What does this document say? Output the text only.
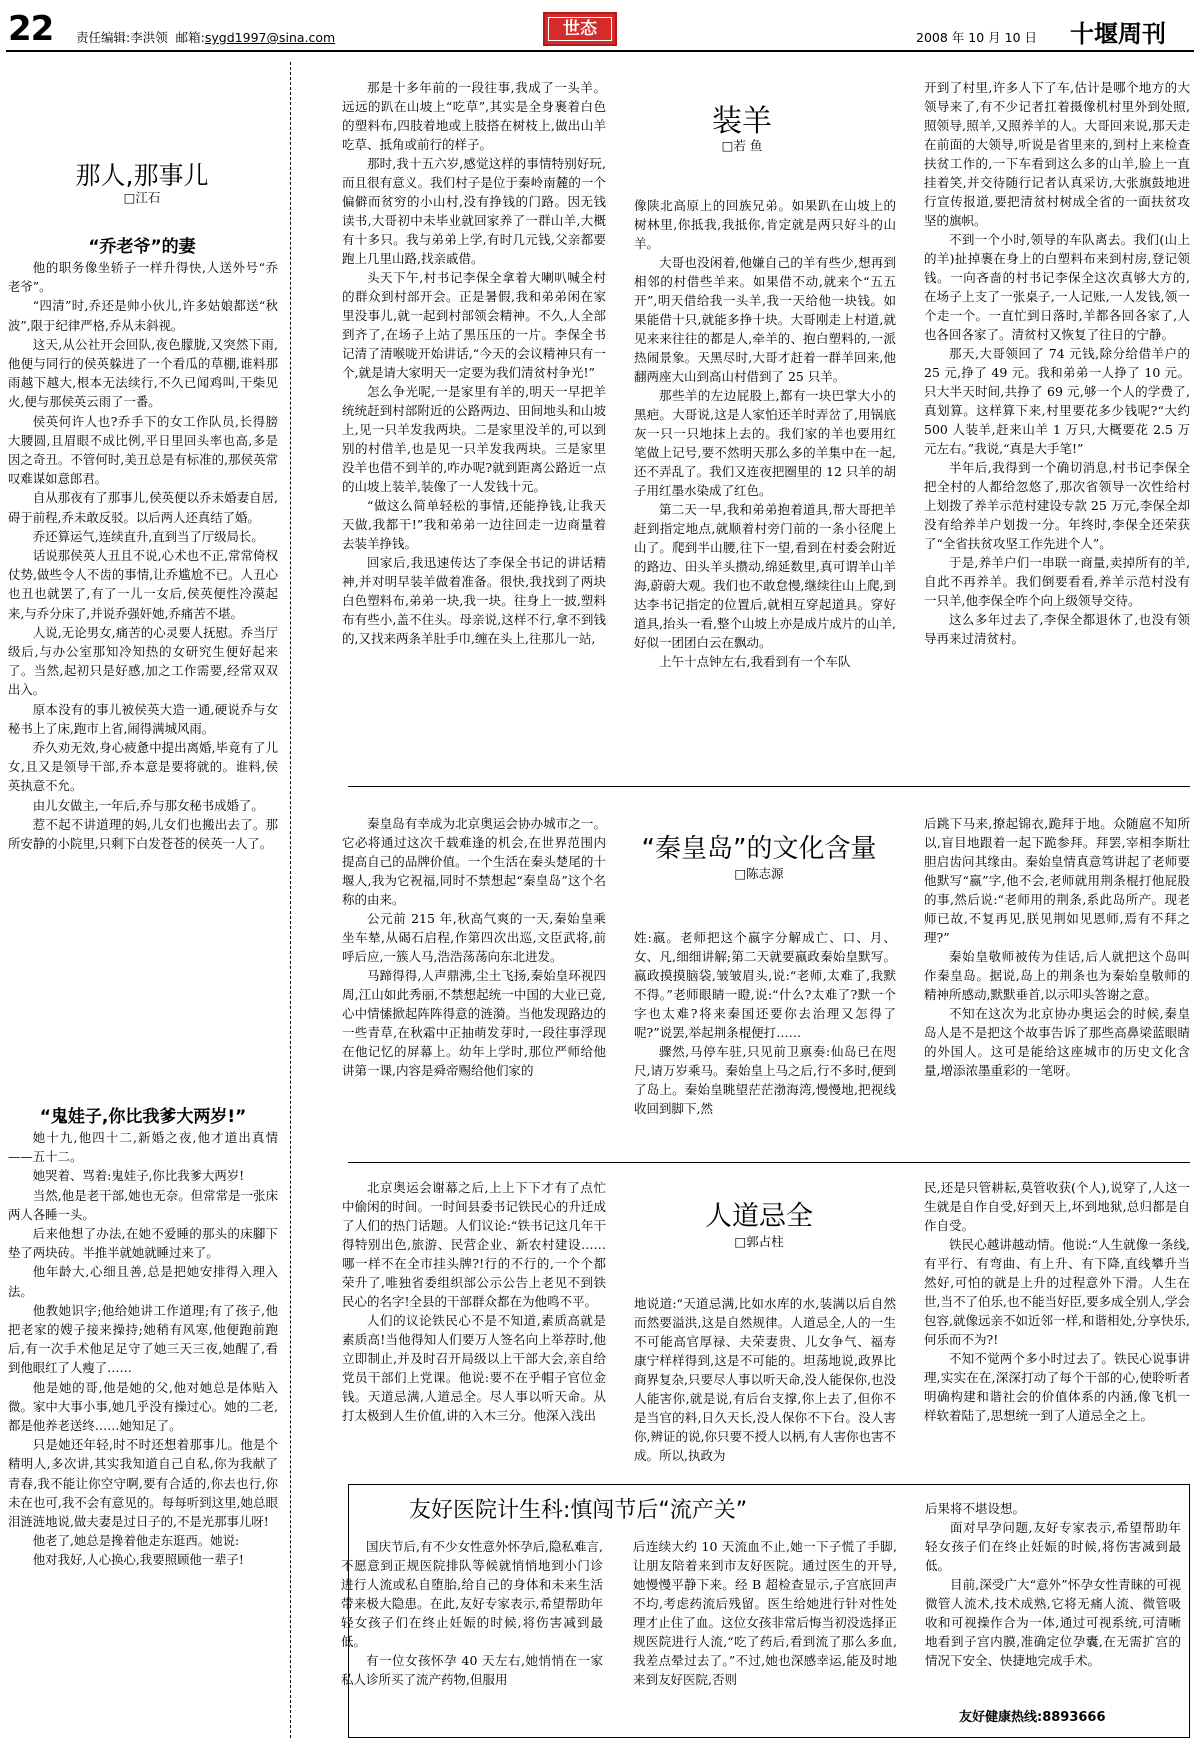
22 责任编辑:李洪领 邮箱:sygd1997@sina.com	世态	2008 年 10 月 10 日 十堰周刊
那人,那事儿
□江石
“乔老爷”的妻

他的职务像坐轿子一样升得快,人送外号“乔老爷”。

“四清”时,乔还是帅小伙儿,许多姑娘都送“秋波”,限于纪律严格,乔从未斜视。

这天,从公社开会回队,夜色朦胧,又突然下雨,他便与同行的侯英躲进了一个看瓜的草棚,谁料那雨越下越大,根本无法续行,不久已闻鸡叫,干柴见火,便与那侯英云雨了一番。

侯英何许人也?乔手下的女工作队员,长得膀大腰圆,且眉眼不成比例,平日里回头率也高,多是因之奇丑。不管何时,美丑总是有标准的,那侯英常叹难谋如意郎君。

自从那夜有了那事儿,侯英便以乔未婚妻自居,碍于前程,乔未敢反驳。以后两人还真结了婚。

乔还算运气,连续直升,直到当了厅级局长。

话说那侯英人丑且不说,心术也不正,常常倚权仗势,做些令人不齿的事情,让乔尴尬不已。人丑心也丑也就罢了,有了一儿一女后,侯英便性冷漠起来,与乔分床了,并说乔强奸她,乔痛苦不堪。

人说,无论男女,痛苦的心灵要人抚慰。乔当厅级后,与办公室那知冷知热的女研究生便好起来了。当然,起初只是好感,加之工作需要,经常双双出入。

原本没有的事儿被侯英大造一通,硬说乔与女秘书上了床,跑市上省,闹得满城风雨。

乔久劝无效,身心疲惫中提出离婚,毕竟有了儿女,且又是领导干部,乔本意是要将就的。谁料,侯英执意不允。

由儿女做主,一年后,乔与那女秘书成婚了。

惹不起不讲道理的妈,儿女们也搬出去了。那所安静的小院里,只剩下白发苍苍的侯英一人了。

“鬼娃子,你比我爹大两岁!”

她十九,他四十二,新婚之夜,他才道出真情——五十二。

她哭着、骂着:鬼娃子,你比我爹大两岁!

当然,他是老干部,她也无奈。但常常是一张床两人各睡一头。

后来他想了办法,在她不爱睡的那头的床腳下垫了两块砖。半推半就她就睡过来了。

他年龄大,心细且善,总是把她安排得入理入法。

他教她识字;他给她讲工作道理;有了孩子,他把老家的嫂子接来操持;她稍有风寒,他便跑前跑后,有一次手术他足足守了她三天三夜,她醒了,看到他眼红了人瘦了……

他是她的哥,他是她的父,他对她总是体贴入微。家中大事小事,她几乎没有操过心。她的二老,都是他养老送终……她知足了。

只是她还年轻,时不时还想着那事儿。他是个精明人,多次讲,其实我知道自己自私,你为我献了青春,我不能让你空守啊,要有合适的,你去也行,你未在也可,我不会有意见的。每每听到这里,她总眼泪涟涟地说,做夫妻是过日子的,不是光那事儿呀!

他老了,她总是搀着他走东逛西。她说:

他对我好,人心换心,我要照顾他一辈子!

那是十多年前的一段往事,我成了一头羊。远远的趴在山坡上“吃草”,其实是全身裹着白色的塑料布,四肢着地或上肢搭在树枝上,做出山羊吃草、抵角或前行的样子。

那时,我十五六岁,感觉这样的事情特别好玩,而且很有意义。我们村子是位于秦岭南麓的一个偏僻而贫穷的小山村,没有挣钱的门路。因无钱读书,大哥初中未毕业就回家养了一群山羊,大概有十多只。我与弟弟上学,有时几元钱,父亲都要跑上几里山路,找亲戚借。

头天下午,村书记李保全拿着大喇叭喊全村的群众到村部开会。正是暑假,我和弟弟闲在家里没事儿,就一起到村部领会精神。不久,人全部到齐了,在场子上站了黑压压的一片。李保全书记清了清喉咙开始讲话,“今天的会议精神只有一个,就是请大家明天一定要为我们清贫村争光!”

怎么争光呢,一是家里有羊的,明天一早把羊统统赶到村部附近的公路两边、田间地头和山坡上,见一只羊发我两块。二是家里没羊的,可以到别的村借羊,也是见一只羊发我两块。三是家里没羊也借不到羊的,咋办呢?就到距离公路近一点的山坡上装羊,装像了一人发钱十元。

“做这么简单轻松的事情,还能挣钱,让我天天做,我都干!”我和弟弟一边往回走一边商量着去装羊挣钱。

回家后,我迅速传达了李保全书记的讲话精神,并对明早装羊做着准备。很快,我找到了两块白色塑料布,弟弟一块,我一块。往身上一披,塑料布有些小,盖不住头。母亲说,这样不行,拿不到钱的,又找来两条羊肚手巾,缠在头上,往那儿一站,

装羊
□若 鱼

像陕北高原上的回族兄弟。如果趴在山坡上的树林里,你抵我,我抵你,肯定就是两只好斗的山羊。

大哥也没闲着,他嫌自己的羊有些少,想再到相邻的村借些羊来。如果借不动,就来个“五五开”,明天借给我一头羊,我一天给他一块钱。如果能借十只,就能多挣十块。大哥刚走上村道,就见来来往往的都是人,牵羊的、抱白塑料的,一派热闹景象。天黑尽时,大哥才赶着一群羊回来,他翻两座大山到高山村借到了 25 只羊。

那些羊的左边屁股上,都有一块巴掌大小的黑疤。大哥说,这是人家怕还羊时弄岔了,用锅底灰一只一只地抹上去的。我们家的羊也要用红笔做上记号,要不然明天那么多的羊集中在一起,还不弄乱了。我们又连夜把圈里的 12 只羊的胡子用红墨水染成了红色。

第二天一早,我和弟弟抱着道具,帮大哥把羊赶到指定地点,就顺着村旁门前的一条小径爬上山了。爬到半山腰,往下一望,看到在村委会附近的路边、田头羊头攒动,绵延数里,真可谓羊山羊海,蔚蔚大观。我们也不敢怠慢,继续往山上爬,到达李书记指定的位置后,就相互穿起道具。穿好道具,抬头一看,整个山坡上亦是成片成片的山羊,好似一团团白云在飘动。

上午十点钟左右,我看到有一个车队

开到了村里,许多人下了车,估计是哪个地方的大领导来了,有不少记者扛着摄像机村里外到处照,照领导,照羊,又照养羊的人。大哥回来说,那天走在前面的大领导,听说是省里来的,到村上来检查扶贫工作的,一下车看到这么多的山羊,脸上一直挂着笑,并交待随行记者认真采访,大张旗鼓地进行宣传报道,要把清贫村树成全省的一面扶贫攻坚的旗帜。

不到一个小时,领导的车队离去。我们(山上的羊)扯掉裹在身上的白塑料布来到村房,登记领钱。一向吝啬的村书记李保全这次真够大方的,在场子上支了一张桌子,一人记账,一人发钱,领一个走一个。一直忙到日落时,羊都各回各家了,人也各回各家了。清贫村又恢复了往日的宁静。

那天,大哥领回了 74 元钱,除分给借羊户的 25 元,挣了 49 元。我和弟弟一人挣了 10 元。只大半天时间,共挣了 69 元,够一个人的学费了,真划算。这样算下来,村里要花多少钱呢?“大约 500 人装羊,赶来山羊 1 万只,大概要花 2.5 万元左右。”我说,“真是大手笔!”

半年后,我得到一个确切消息,村书记李保全把全村的人都给忽悠了,那次省领导一次性给村上划拨了养羊示范村建设专款 25 万元,李保全却没有给养羊户划拨一分。年终时,李保全还荣获了“全省扶贫攻坚工作先进个人”。

于是,养羊户们一串联一商量,卖掉所有的羊,自此不再养羊。我们倒要看看,养羊示范村没有一只羊,他李保全咋个向上级领导交待。

这么多年过去了,李保全都退休了,也没有领导再来过清贫村。

秦皇岛有幸成为北京奥运会协办城市之一。它必将通过这次千载难逢的机会,在世界范围内提高自己的品牌价值。一个生活在秦头楚尾的十堰人,我为它祝福,同时不禁想起“秦皇岛”这个名称的由来。

公元前 215 年,秋高气爽的一天,秦始皇乘坐车辇,从碣石启程,作第四次出巡,文臣武将,前呼后应,一簇人马,浩浩荡荡向东北进发。

马蹄得得,人声鼎沸,尘土飞扬,秦始皇环视四周,江山如此秀丽,不禁想起统一中国的大业已竟,心中情愫掀起阵阵得意的涟漪。当他发现路边的一些青草,在秋霜中正抽萌发芽时,一段往事浮现在他记忆的屏幕上。幼年上学时,那位严师给他讲第一课,内容是舜帝赐给他们家的

“秦皇岛”的文化含量
□陈志源

姓:嬴。老师把这个嬴字分解成亡、口、月、女、凡,细细讲解;第二天就要嬴政秦始皇默写。嬴政摸摸脑袋,皱皱眉头,说:“老师,太难了,我默不得。”老师眼睛一瞪,说:“什么?太难了?默一个字也太难?将来秦国还要你去治理又怎得了呢?”说罢,举起荆条棍便打……

骤然,马停车驻,只见前卫禀奏:仙岛已在咫尺,请万岁乘马。秦始皇上马之后,行不多时,便到了岛上。秦始皇眺望茫茫渤海湾,慢慢地,把视线收回到脚下,然

后跳下马来,撩起锦衣,跪拜于地。众随扈不知所以,盲目地跟着一起下跪参拜。拜罢,宰相李斯壮胆启齿问其缘由。秦始皇情真意笃讲起了老师要他默写“嬴”字,他不会,老师就用荆条棍打他屁股的事,然后说:“老师用的荆条,系此岛所产。现老师已故,不复再见,朕见荆如见恩师,焉有不拜之理?”

秦始皇敬师被传为佳话,后人就把这个岛叫作秦皇岛。据说,岛上的荆条也为秦始皇敬师的精神所感动,默默垂首,以示叩头答谢之意。

不知在这次为北京协办奥运会的时候,秦皇岛人是不是把这个故事告诉了那些高鼻梁蓝眼睛的外国人。这可是能给这座城市的历史文化含量,增添浓墨重彩的一笔呀。

北京奥运会谢幕之后,上上下下才有了点忙中偷闲的时间。一时间县委书记铁民心的升迁成了人们的热门话题。人们议论:“铁书记这几年干得特别出色,旅游、民营企业、新农村建设……哪一样不在全市挂头牌?!行的不行的,一个个都荣升了,唯独省委组织部公示公告上老见不到铁民心的名字!全县的干部群众都在为他鸣不平。

人们的议论铁民心不是不知道,素质高就是素质高!当他得知人们要万人签名向上举荐时,他立即制止,并及时召开局级以上干部大会,亲自给党员干部们上党课。他说:要不在乎帽子官位金钱。天道忌满,人道忌全。尽人事以听天命。从打太极到人生价值,讲的入木三分。他深入浅出

人道忌全
□郭占柱

地说道:“天道忌满,比如水库的水,装满以后自然而然要溢洪,这是自然规律。人道忌全,人的一生不可能高官厚禄、夫荣妻贵、儿女争气、福寿康宁样样得到,这是不可能的。坦荡地说,政界比商界复杂,只要尽人事以听天命,没人能保你,也没人能害你,就是说,有后台支撑,你上去了,但你不是当官的料,日久天长,没人保你不下台。没人害你,辨证的说,你只要不授人以柄,有人害你也害不成。所以,执政为

民,还是只管耕耘,莫管收获(个人),说穿了,人这一生就是自作自受,好到天上,坏到地狱,总归都是自作自受。

铁民心越讲越动情。他说:“人生就像一条线,有平行、有弯曲、有上升、有下降,直线攀升当然好,可怕的就是上升的过程意外下滑。人生在世,当不了伯乐,也不能当好臣,要多成全别人,学会包容,就像远亲不如近邻一样,和谐相处,分享快乐,何乐而不为?!

不知不觉两个多小时过去了。铁民心说事讲理,实实在在,深深打动了每个干部的心,使聆听者明确构建和谐社会的价值体系的内涵,像飞机一样软着陆了,思想统一到了人道忌全之上。

友好医院计生科:慎闯节后“流产关”

国庆节后,有不少女性意外怀孕后,隐私难言,不愿意到正规医院排队等候就悄悄地到小门诊进行人流或私自堕胎,给自己的身体和未来生活带来极大隐患。在此,友好专家表示,希望帮助年轻女孩子们在终止妊娠的时候,将伤害减到最低。

有一位女孩怀孕 40 天左右,她悄悄在一家私人诊所买了流产药物,但服用

后连续大约 10 天流血不止,她一下子慌了手脚,让朋友陪着来到市友好医院。通过医生的开导,她慢慢平静下来。经 B 超检查显示,子宫底回声不均,考虑药流后残留。医生给她进行针对性处理才止住了血。这位女孩非常后悔当初没选择正规医院进行人流,“吃了药后,看到流了那么多血,我差点晕过去了。”不过,她也深感幸运,能及时地来到友好医院,否则

后果将不堪设想。

面对早孕问题,友好专家表示,希望帮助年轻女孩子们在终止妊娠的时候,将伤害减到最低。

目前,深受广大“意外”怀孕女性青睐的可视微管人流术,技术成熟,它将无痛人流、微管吸收和可视操作合为一体,通过可视系统,可清晰地看到子宫内膜,准确定位孕囊,在无需扩宫的情况下安全、快捷地完成手术。

友好健康热线:8893666
